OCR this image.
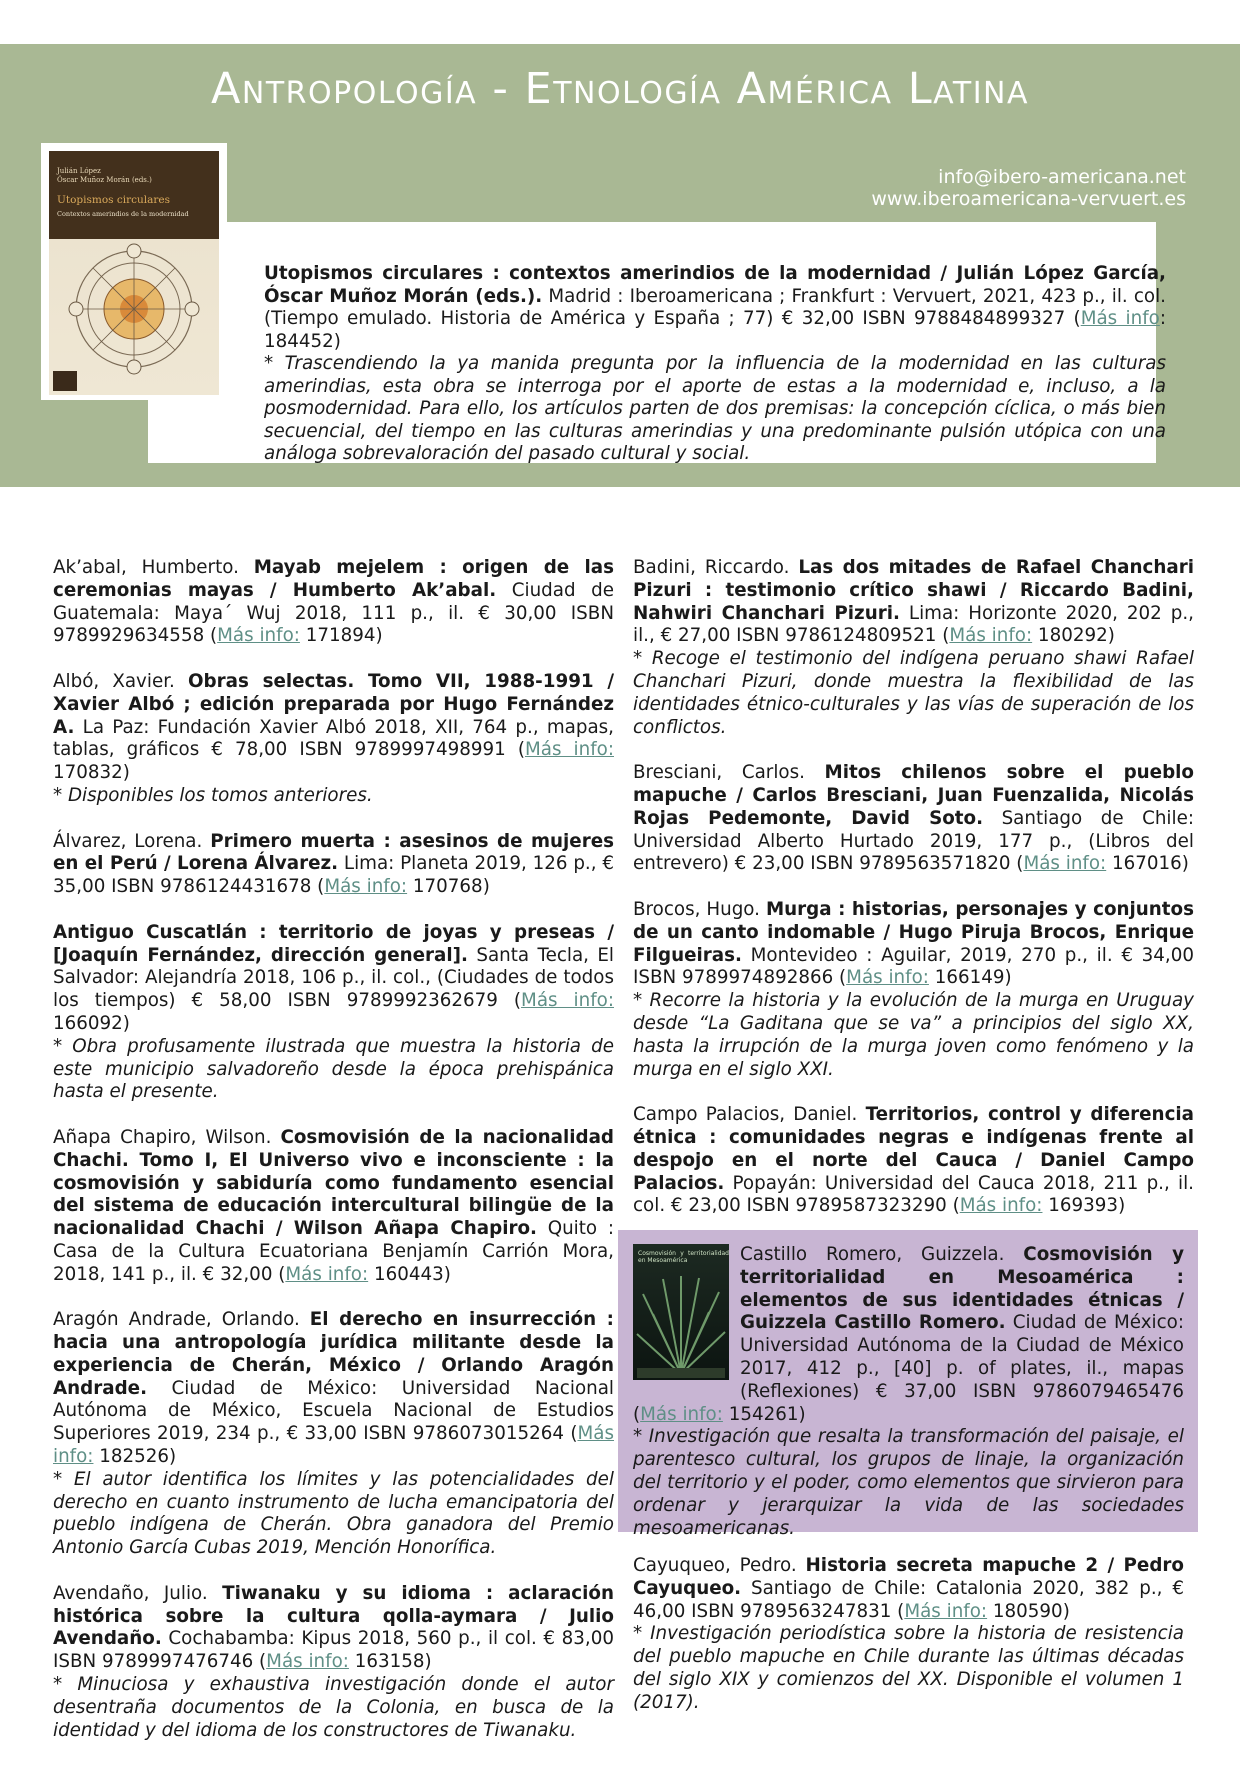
Antropología - Etnología América Latina
info@ibero-americana.net
www.iberoamericana-vervuert.es
Julián López
Óscar Muñoz Morán (eds.)
Utopismos circulares
Contextos amerindios de la modernidad
Utopismos circulares : contextos amerindios de la modernidad / Julián López García, Óscar Muñoz Morán (eds.). Madrid : Iberoamericana ; Frankfurt : Vervuert, 2021, 423 p., il. col. (Tiempo emulado. Historia de América y España ; 77) € 32,00 ISBN 9788484899327 (Más info: 184452)
* Trascendiendo la ya manida pregunta por la influencia de la modernidad en las culturas amerindias, esta obra se interroga por el aporte de estas a la modernidad e, incluso, a la posmodernidad. Para ello, los artículos parten de dos premisas: la concepción cíclica, o más bien secuencial, del tiempo en las culturas amerindias y una predominante pulsión utópica con una análoga sobrevaloración del pasado cultural y social.
Ak’abal, Humberto. Mayab mejelem : origen de las ceremonias mayas / Humberto Ak’abal. Ciudad de Guatemala: Maya´ Wuj 2018, 111 p., il. € 30,00 ISBN 9789929634558 (Más info: 171894)
Albó, Xavier. Obras selectas. Tomo VII, 1988-1991 / Xavier Albó ; edición preparada por Hugo Fernández A. La Paz: Fundación Xavier Albó 2018, XII, 764 p., mapas, tablas, gráficos € 78,00 ISBN 9789997498991 (Más info: 170832)
* Disponibles los tomos anteriores.
Álvarez, Lorena. Primero muerta : asesinos de mujeres en el Perú / Lorena Álvarez. Lima: Planeta 2019, 126 p., € 35,00 ISBN 9786124431678 (Más info: 170768)
Antiguo Cuscatlán : territorio de joyas y preseas / [Joaquín Fernández, dirección general]. Santa Tecla, El Salvador: Alejandría 2018, 106 p., il. col., (Ciudades de todos los tiempos) € 58,00 ISBN 9789992362679 (Más info: 166092)
* Obra profusamente ilustrada que muestra la historia de este municipio salvadoreño desde la época prehispánica hasta el presente.
Añapa Chapiro, Wilson. Cosmovisión de la nacionalidad Chachi. Tomo I, El Universo vivo e inconsciente : la cosmovisión y sabiduría como fundamento esencial del sistema de educación intercultural bilingüe de la nacionalidad Chachi / Wilson Añapa Chapiro. Quito : Casa de la Cultura Ecuatoriana Benjamín Carrión Mora, 2018, 141 p., il. € 32,00 (Más info: 160443)
Aragón Andrade, Orlando. El derecho en insurrección : hacia una antropología jurídica militante desde la experiencia de Cherán, México / Orlando Aragón Andrade. Ciudad de México: Universidad Nacional Autónoma de México, Escuela Nacional de Estudios Superiores 2019, 234 p., € 33,00 ISBN 9786073015264 (Más info: 182526)
* El autor identifica los límites y las potencialidades del derecho en cuanto instrumento de lucha emancipatoria del pueblo indígena de Cherán. Obra ganadora del Premio Antonio García Cubas 2019, Mención Honorífica.
Avendaño, Julio. Tiwanaku y su idioma : aclaración histórica sobre la cultura qolla-aymara / Julio Avendaño. Cochabamba: Kipus 2018, 560 p., il col. € 83,00 ISBN 9789997476746 (Más info: 163158)
* Minuciosa y exhaustiva investigación donde el autor desentraña documentos de la Colonia, en busca de la identidad y del idioma de los constructores de Tiwanaku.
Badini, Riccardo. Las dos mitades de Rafael Chanchari Pizuri : testimonio crítico shawi / Riccardo Badini, Nahwiri Chanchari Pizuri. Lima: Horizonte 2020, 202 p., il., € 27,00 ISBN 9786124809521 (Más info: 180292)
* Recoge el testimonio del indígena peruano shawi Rafael Chanchari Pizuri, donde muestra la flexibilidad de las identidades étnico-culturales y las vías de superación de los conflictos.
Bresciani, Carlos. Mitos chilenos sobre el pueblo mapuche / Carlos Bresciani, Juan Fuenzalida, Nicolás Rojas Pedemonte, David Soto. Santiago de Chile: Universidad Alberto Hurtado 2019, 177 p., (Libros del entrevero) € 23,00 ISBN 9789563571820 (Más info: 167016)
Brocos, Hugo. Murga : historias, personajes y conjuntos de un canto indomable / Hugo Piruja Brocos, Enrique Filgueiras. Montevideo : Aguilar, 2019, 270 p., il. € 34,00 ISBN 9789974892866 (Más info: 166149)
* Recorre la historia y la evolución de la murga en Uruguay desde “La Gaditana que se va” a principios del siglo XX, hasta la irrupción de la murga joven como fenómeno y la murga en el siglo XXI.
Campo Palacios, Daniel. Territorios, control y diferencia étnica : comunidades negras e indígenas frente al despojo en el norte del Cauca / Daniel Campo Palacios. Popayán: Universidad del Cauca 2018, 211 p., il. col. € 23,00 ISBN 9789587323290 (Más info: 169393)
Cosmovisión y territorialidad en Mesoamérica	Castillo Romero, Guizzela. Cosmovisión y territorialidad en Mesoamérica : elementos de sus identidades étnicas / Guizzela Castillo Romero. Ciudad de México: Universidad Autónoma de la Ciudad de México 2017, 412 p., [40] p. of plates, il., mapas (Reflexiones) € 37,00 ISBN 9786079465476 (Más info: 154261)
* Investigación que resalta la transformación del paisaje, el parentesco cultural, los grupos de linaje, la organización del territorio y el poder, como elementos que sirvieron para ordenar y jerarquizar la vida de las sociedades mesoamericanas.
Cayuqueo, Pedro. Historia secreta mapuche 2 / Pedro Cayuqueo. Santiago de Chile: Catalonia 2020, 382 p., € 46,00 ISBN 9789563247831 (Más info: 180590)
* Investigación periodística sobre la historia de resistencia del pueblo mapuche en Chile durante las últimas décadas del siglo XIX y comienzos del XX. Disponible el volumen 1 (2017).
